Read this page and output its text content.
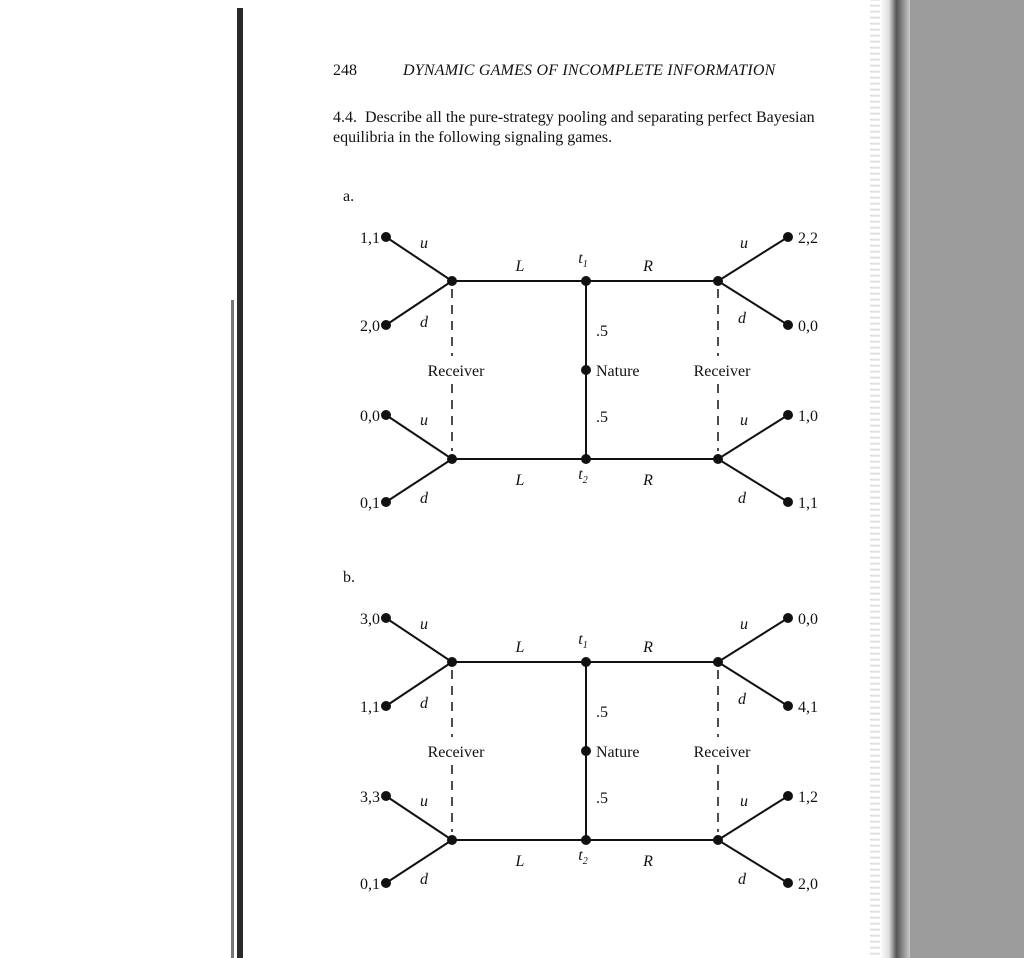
248	DYNAMIC GAMES OF INCOMPLETE INFORMATION
4.4. Describe all the pure-strategy pooling and separating perfect Bayesian equilibria in the following signaling games.
a.
b.
1,1
2,0
0,0
0,1
2,2
0,0
1,0
1,1
u
d
u
d
u
d
u
d
L	R
L	R
$t_1$
$t_2$
.5
.5
Nature
Receiver	Receiver
3,0
1,1
3,3
0,1
0,0
4,1
1,2
2,0
u
d
u
d
u
d
u
d
L	R
L	R
$t_1$
$t_2$
.5
.5
Nature
Receiver	Receiver
